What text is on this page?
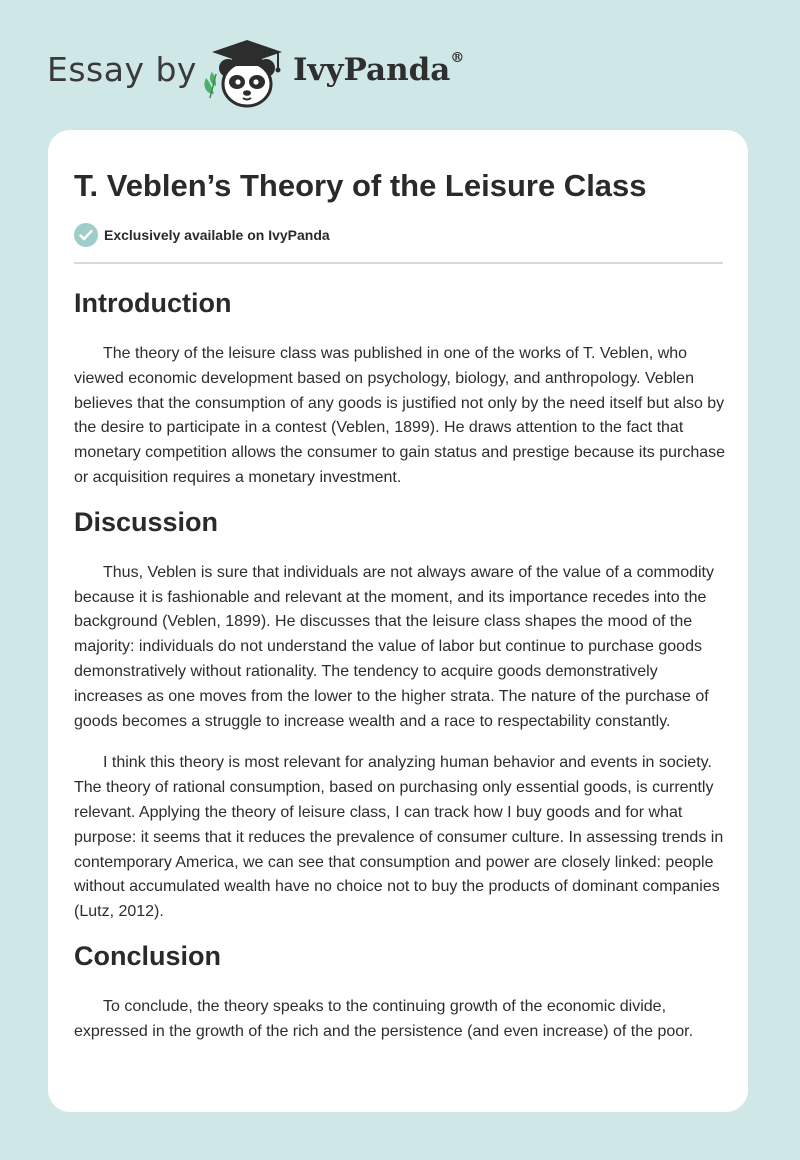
Essay by	IvyPanda®
T. Veblen’s Theory of the Leisure Class
Exclusively available on IvyPanda
Introduction

The theory of the leisure class was published in one of the works of T. Veblen, who viewed economic development based on psychology, biology, and anthropology. Veblen believes that the consumption of any goods is justified not only by the need itself but also by the desire to participate in a contest (Veblen, 1899). He draws attention to the fact that monetary competition allows the consumer to gain status and prestige because its purchase or acquisition requires a monetary investment.

Discussion

Thus, Veblen is sure that individuals are not always aware of the value of a commodity because it is fashionable and relevant at the moment, and its importance recedes into the background (Veblen, 1899). He discusses that the leisure class shapes the mood of the majority: individuals do not understand the value of labor but continue to purchase goods demonstratively without rationality. The tendency to acquire goods demonstratively increases as one moves from the lower to the higher strata. The nature of the purchase of goods becomes a struggle to increase wealth and a race to respectability constantly.

I think this theory is most relevant for analyzing human behavior and events in society. The theory of rational consumption, based on purchasing only essential goods, is currently relevant. Applying the theory of leisure class, I can track how I buy goods and for what purpose: it seems that it reduces the prevalence of consumer culture. In assessing trends in contemporary America, we can see that consumption and power are closely linked: people without accumulated wealth have no choice not to buy the products of dominant companies (Lutz, 2012).

Conclusion

To conclude, the theory speaks to the continuing growth of the economic divide, expressed in the growth of the rich and the persistence (and even increase) of the poor.
